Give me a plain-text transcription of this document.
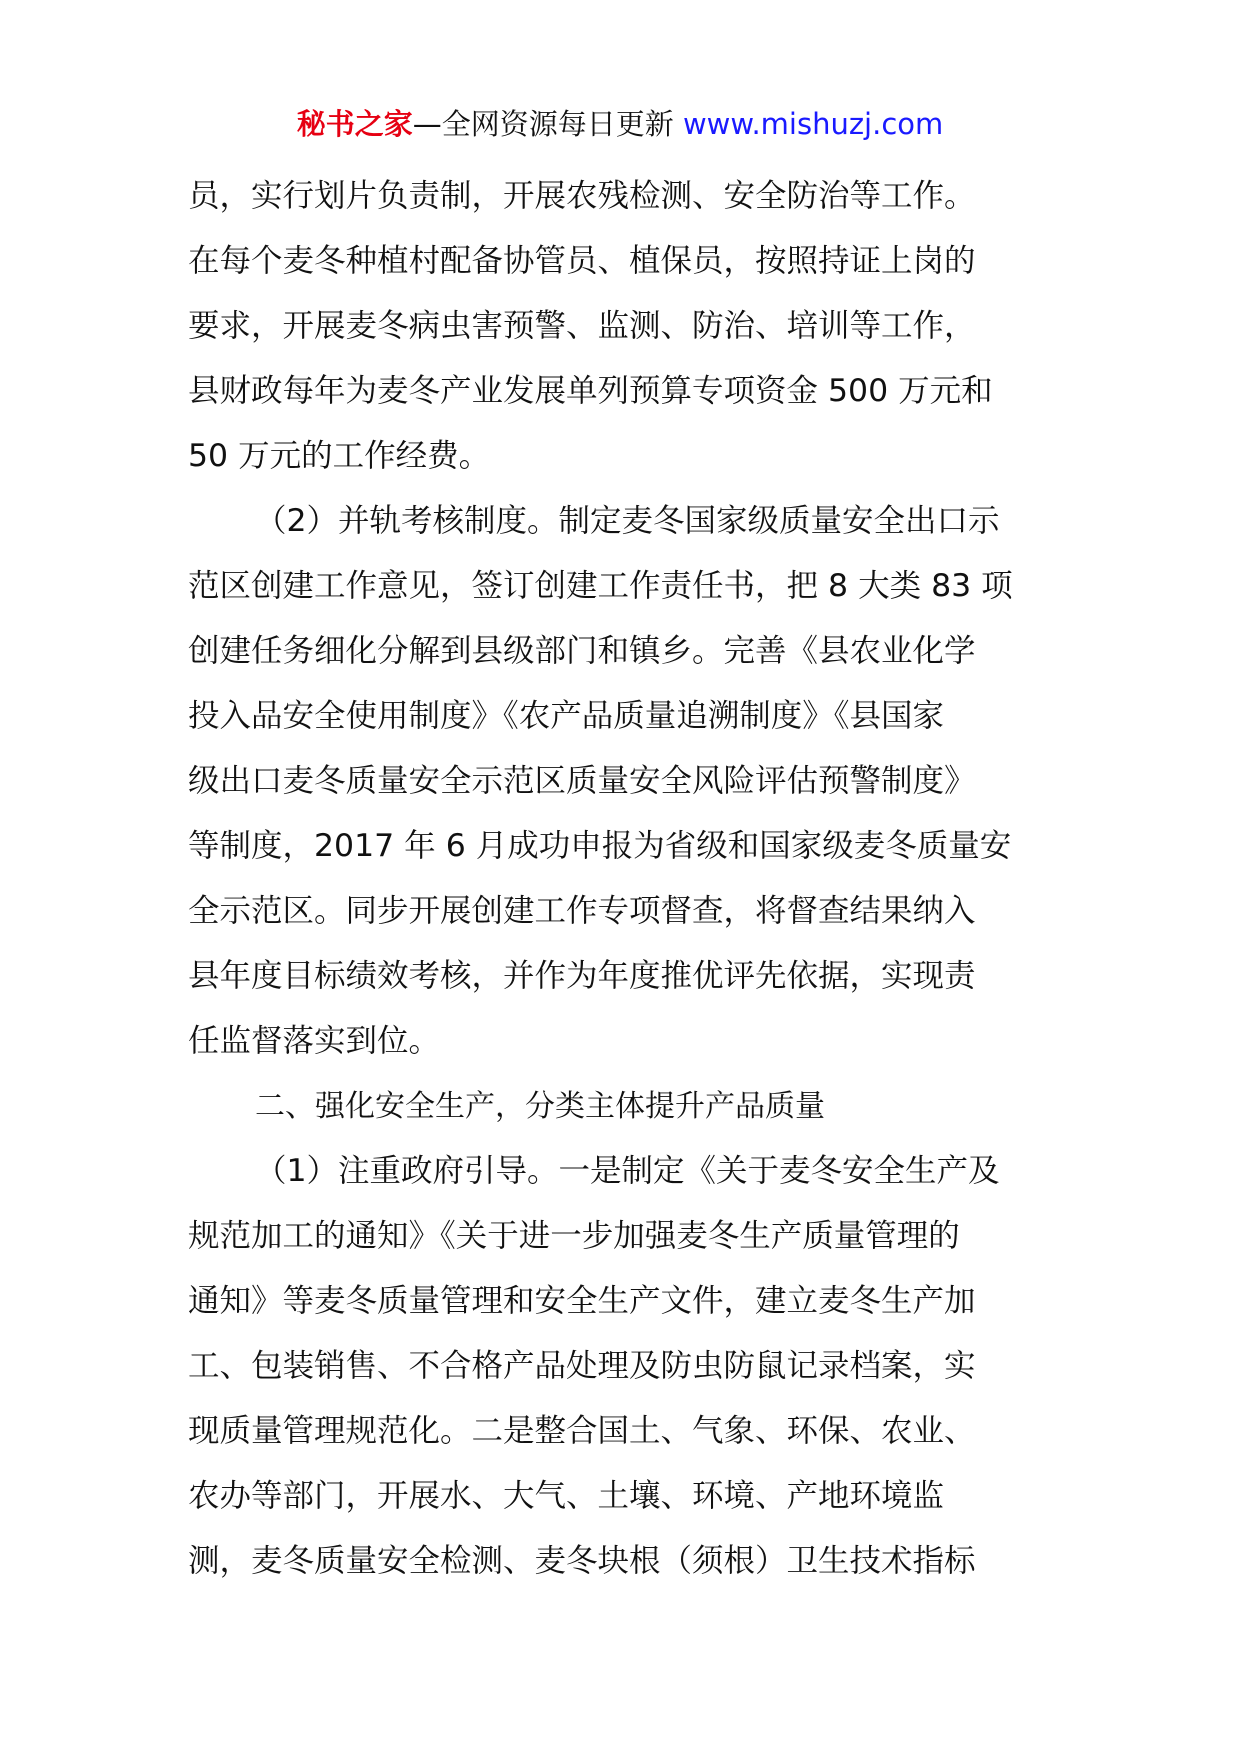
秘书之家—全网资源每日更新 www.mishuzj.com
员，实行划片负责制，开展农残检测、安全防治等工作。
在每个麦冬种植村配备协管员、植保员，按照持证上岗的
要求，开展麦冬病虫害预警、监测、防治、培训等工作，
县财政每年为麦冬产业发展单列预算专项资金 500 万元和
50 万元的工作经费。
（2）并轨考核制度。制定麦冬国家级质量安全出口示
范区创建工作意见，签订创建工作责任书，把 8 大类 83 项
创建任务细化分解到县级部门和镇乡。完善《县农业化学
投入品安全使用制度》《农产品质量追溯制度》《县国家
级出口麦冬质量安全示范区质量安全风险评估预警制度》
等制度，2017 年 6 月成功申报为省级和国家级麦冬质量安
全示范区。同步开展创建工作专项督查，将督查结果纳入
县年度目标绩效考核，并作为年度推优评先依据，实现责
任监督落实到位。
二、强化安全生产，分类主体提升产品质量
（1）注重政府引导。一是制定《关于麦冬安全生产及
规范加工的通知》《关于进一步加强麦冬生产质量管理的
通知》等麦冬质量管理和安全生产文件，建立麦冬生产加
工、包装销售、不合格产品处理及防虫防鼠记录档案，实
现质量管理规范化。二是整合国土、气象、环保、农业、
农办等部门，开展水、大气、土壤、环境、产地环境监
测，麦冬质量安全检测、麦冬块根（须根）卫生技术指标
